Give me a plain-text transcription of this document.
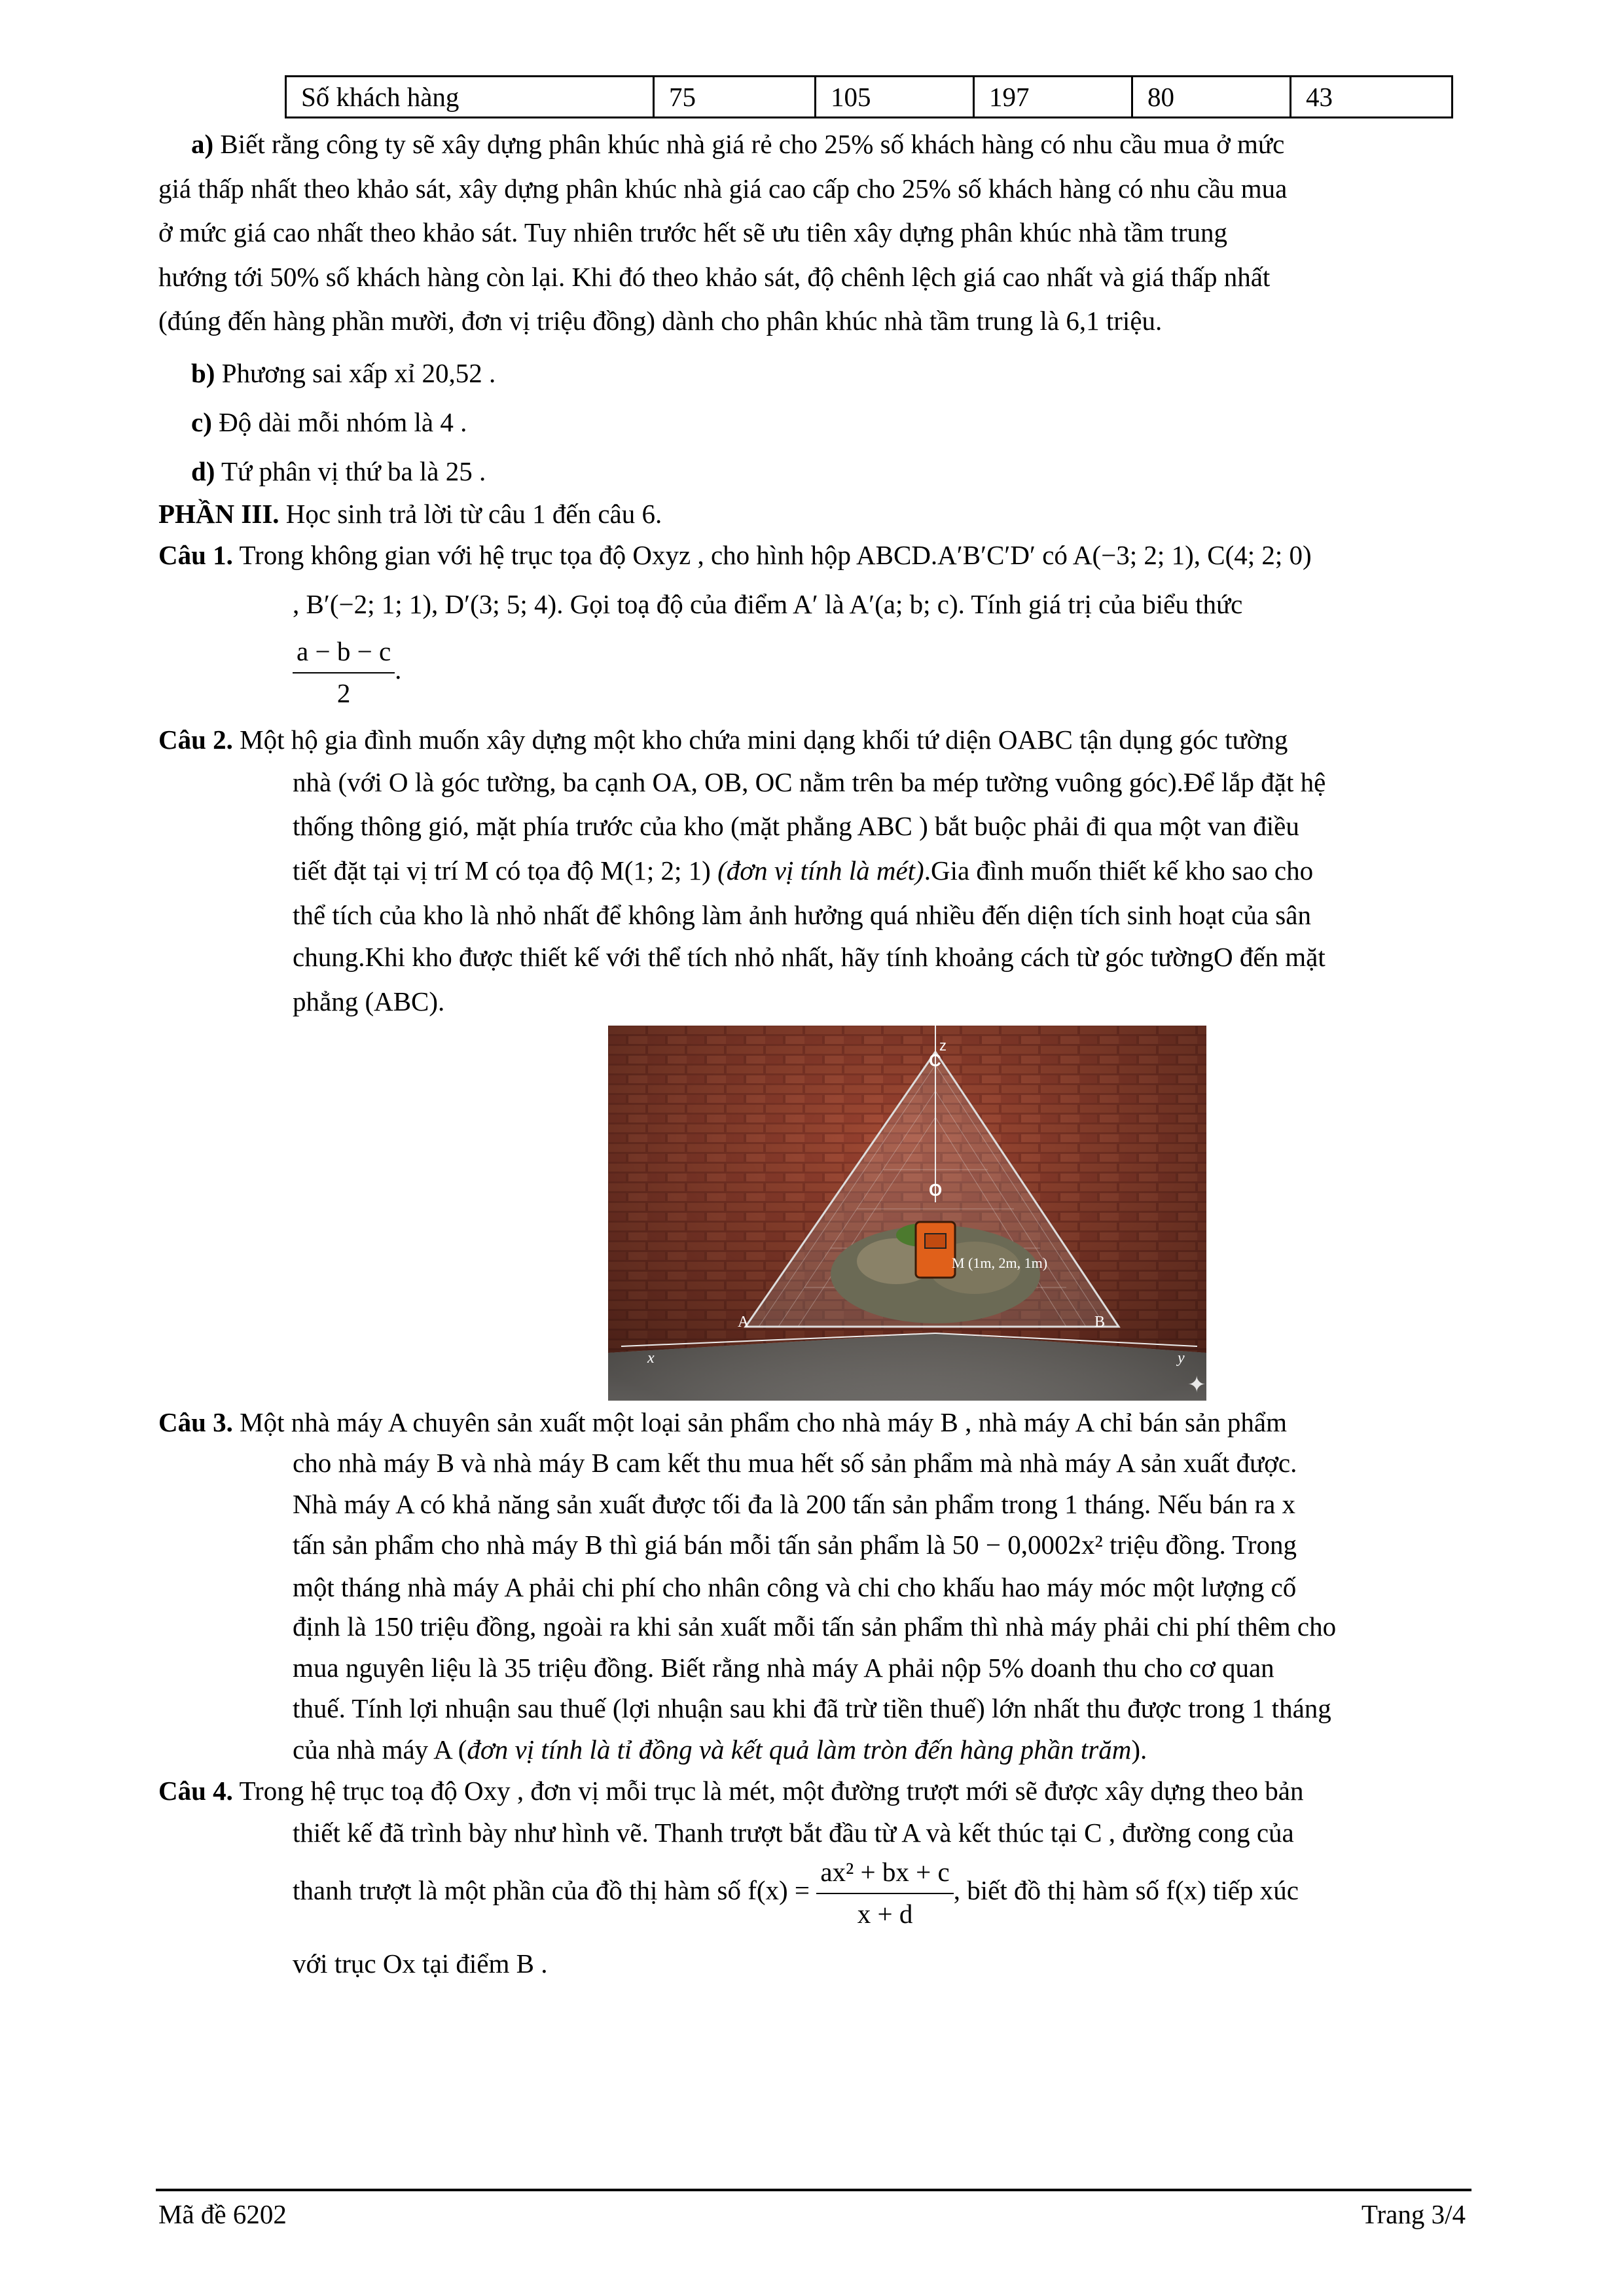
Số khách hàng	75	105	197	80	43
a) Biết rằng công ty sẽ xây dựng phân khúc nhà giá rẻ cho 25% số khách hàng có nhu cầu mua ở mức
giá thấp nhất theo khảo sát, xây dựng phân khúc nhà giá cao cấp cho 25% số khách hàng có nhu cầu mua
ở mức giá cao nhất theo khảo sát. Tuy nhiên trước hết sẽ ưu tiên xây dựng phân khúc nhà tầm trung
hướng tới 50% số khách hàng còn lại. Khi đó theo khảo sát, độ chênh lệch giá cao nhất và giá thấp nhất
(đúng đến hàng phần mười, đơn vị triệu đồng) dành cho phân khúc nhà tầm trung là 6,1 triệu.
b) Phương sai xấp xỉ 20,52 .
c) Độ dài mỗi nhóm là 4 .
d) Tứ phân vị thứ ba là 25 .
PHẦN III. Học sinh trả lời từ câu 1 đến câu 6.
Câu 1. Trong không gian với hệ trục tọa độ Oxyz , cho hình hộp ABCD.A′B′C′D′ có A(−3; 2; 1), C(4; 2; 0)
, B′(−2; 1; 1), D′(3; 5; 4). Gọi toạ độ của điểm A′ là A′(a; b; c). Tính giá trị của biểu thức
$\frac{a - b - c}{2}$ .
Câu 2. Một hộ gia đình muốn xây dựng một kho chứa mini dạng khối tứ diện OABC tận dụng góc tường
nhà (với O là góc tường, ba cạnh OA, OB, OC nằm trên ba mép tường vuông góc).Để lắp đặt hệ
thống thông gió, mặt phía trước của kho (mặt phẳng ABC ) bắt buộc phải đi qua một van điều
tiết đặt tại vị trí M có tọa độ M(1; 2; 1) (đơn vị tính là mét).Gia đình muốn thiết kế kho sao cho
thể tích của kho là nhỏ nhất để không làm ảnh hưởng quá nhiều đến diện tích sinh hoạt của sân
chung.Khi kho được thiết kế với thể tích nhỏ nhất, hãy tính khoảng cách từ góc tườngO đến mặt
phẳng (ABC).
z
C
O
A	B
x	y
M (1m, 2m, 1m)
✦
Câu 3. Một nhà máy A chuyên sản xuất một loại sản phẩm cho nhà máy B , nhà máy A chỉ bán sản phẩm
cho nhà máy B và nhà máy B cam kết thu mua hết số sản phẩm mà nhà máy A sản xuất được.
Nhà máy A có khả năng sản xuất được tối đa là 200 tấn sản phẩm trong 1 tháng. Nếu bán ra x
tấn sản phẩm cho nhà máy B thì giá bán mỗi tấn sản phẩm là 50 − 0,0002x² triệu đồng. Trong
một tháng nhà máy A phải chi phí cho nhân công và chi cho khấu hao máy móc một lượng cố
định là 150 triệu đồng, ngoài ra khi sản xuất mỗi tấn sản phẩm thì nhà máy phải chi phí thêm cho
mua nguyên liệu là 35 triệu đồng. Biết rằng nhà máy A phải nộp 5% doanh thu cho cơ quan
thuế. Tính lợi nhuận sau thuế (lợi nhuận sau khi đã trừ tiền thuế) lớn nhất thu được trong 1 tháng
của nhà máy A (đơn vị tính là tỉ đồng và kết quả làm tròn đến hàng phần trăm).
Câu 4. Trong hệ trục toạ độ Oxy , đơn vị mỗi trục là mét, một đường trượt mới sẽ được xây dựng theo bản
thiết kế đã trình bày như hình vẽ. Thanh trượt bắt đầu từ A và kết thúc tại C , đường cong của
thanh trượt là một phần của đồ thị hàm số $f(x) = \frac{\text{ax² + bx + c}}{x + d}$ , biết đồ thị hàm số f(x) tiếp xúc
với trục Ox tại điểm B .
Mã đề 6202	Trang 3/4
